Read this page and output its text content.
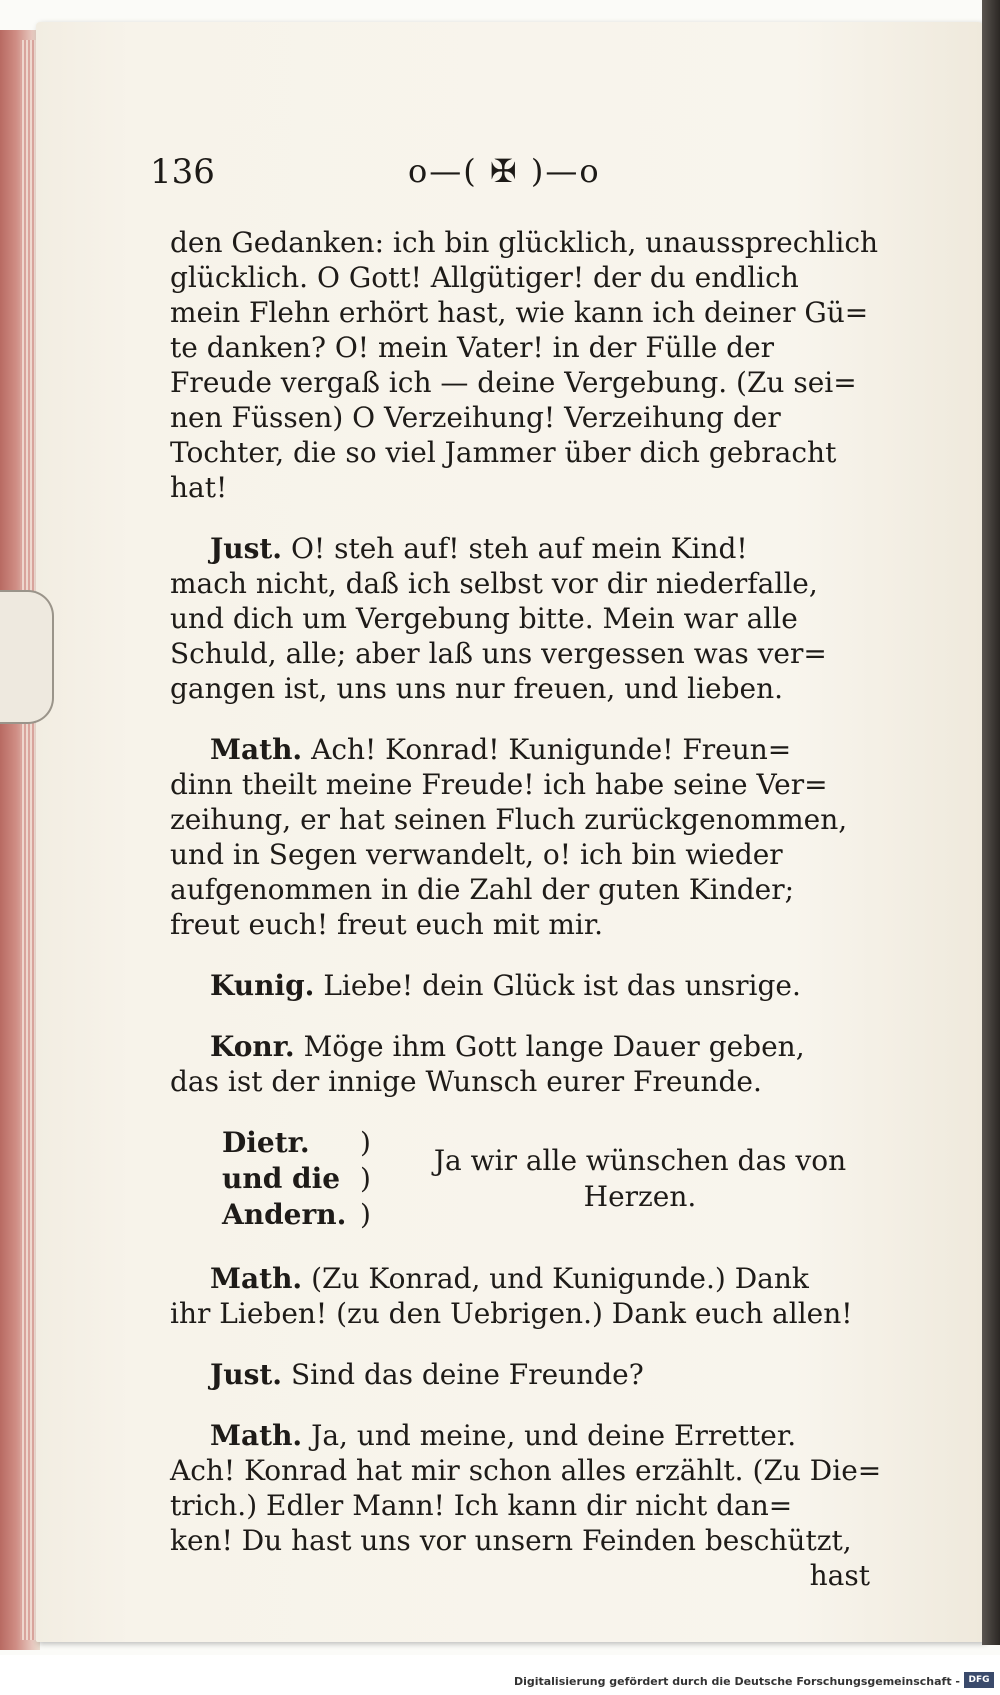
136	o—( ✠ )—o
den Gedanken: ich bin glücklich, unaussprechlich
glücklich. O Gott! Allgütiger! der du endlich
mein Flehn erhört hast, wie kann ich deiner Gü=
te danken? O! mein Vater! in der Fülle der
Freude vergaß ich — deine Vergebung. (Zu sei=
nen Füssen) O Verzeihung! Verzeihung der
Tochter, die so viel Jammer über dich gebracht
hat!
Just. O! steh auf! steh auf mein Kind!
mach nicht, daß ich selbst vor dir niederfalle,
und dich um Vergebung bitte. Mein war alle
Schuld, alle; aber laß uns vergessen was ver=
gangen ist, uns uns nur freuen, und lieben.
Math. Ach! Konrad! Kunigunde! Freun=
dinn theilt meine Freude! ich habe seine Ver=
zeihung, er hat seinen Fluch zurückgenommen,
und in Segen verwandelt, o! ich bin wieder
aufgenommen in die Zahl der guten Kinder;
freut euch! freut euch mit mir.
Kunig. Liebe! dein Glück ist das unsrige.
Konr. Möge ihm Gott lange Dauer geben,
das ist der innige Wunsch eurer Freunde.
Dietr.
und die
Andern.
)
)
)
Ja wir alle wünschen das von
Herzen.
Math. (Zu Konrad, und Kunigunde.) Dank
ihr Lieben! (zu den Uebrigen.) Dank euch allen!
Just. Sind das deine Freunde?
Math. Ja, und meine, und deine Erretter.
Ach! Konrad hat mir schon alles erzählt. (Zu Die=
trich.) Edler Mann! Ich kann dir nicht dan=
ken! Du hast uns vor unsern Feinden beschützt,
hast
Digitalisierung gefördert durch die Deutsche Forschungsgemeinschaft - DFG
